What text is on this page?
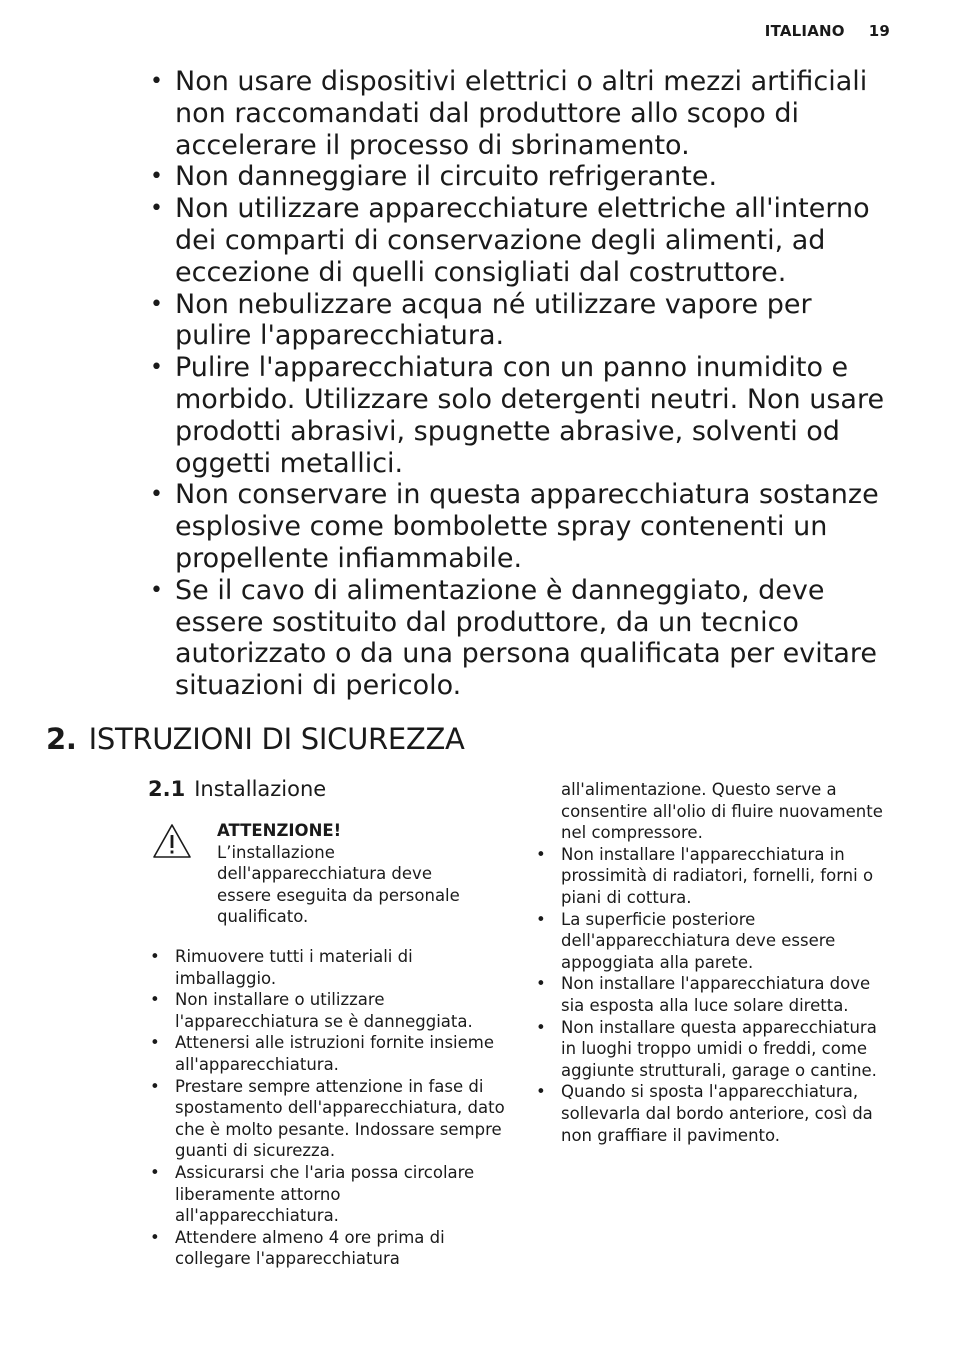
ITALIANO 19
• Non usare dispositivi elettrici o altri mezzi artificiali non raccomandati dal produttore allo scopo di accelerare il processo di sbrinamento.
• Non danneggiare il circuito refrigerante.
• Non utilizzare apparecchiature elettriche all'interno dei comparti di conservazione degli alimenti, ad eccezione di quelli consigliati dal costruttore.
• Non nebulizzare acqua né utilizzare vapore per pulire l'apparecchiatura.
• Pulire l'apparecchiatura con un panno inumidito e morbido. Utilizzare solo detergenti neutri. Non usare prodotti abrasivi, spugnette abrasive, solventi od oggetti metallici.
• Non conservare in questa apparecchiatura sostanze esplosive come bombolette spray contenenti un propellente infiammabile.
• Se il cavo di alimentazione è danneggiato, deve essere sostituito dal produttore, da un tecnico autorizzato o da una persona qualificata per evitare situazioni di pericolo.
2. ISTRUZIONI DI SICUREZZA
2.1 Installazione
ATTENZIONE!
L’installazione dell'apparecchiatura deve essere eseguita da personale qualificato.
• Rimuovere tutti i materiali di imballaggio.
• Non installare o utilizzare l'apparecchiatura se è danneggiata.
• Attenersi alle istruzioni fornite insieme all'apparecchiatura.
• Prestare sempre attenzione in fase di spostamento dell'apparecchiatura, dato che è molto pesante. Indossare sempre guanti di sicurezza.
• Assicurarsi che l'aria possa circolare liberamente attorno all'apparecchiatura.
• Attendere almeno 4 ore prima di collegare l'apparecchiatura

all'alimentazione. Questo serve a consentire all'olio di fluire nuovamente nel compressore.

• Non installare l'apparecchiatura in prossimità di radiatori, fornelli, forni o piani di cottura.
• La superficie posteriore dell'apparecchiatura deve essere appoggiata alla parete.
• Non installare l'apparecchiatura dove sia esposta alla luce solare diretta.
• Non installare questa apparecchiatura in luoghi troppo umidi o freddi, come aggiunte strutturali, garage o cantine.
• Quando si sposta l'apparecchiatura, sollevarla dal bordo anteriore, così da non graffiare il pavimento.
